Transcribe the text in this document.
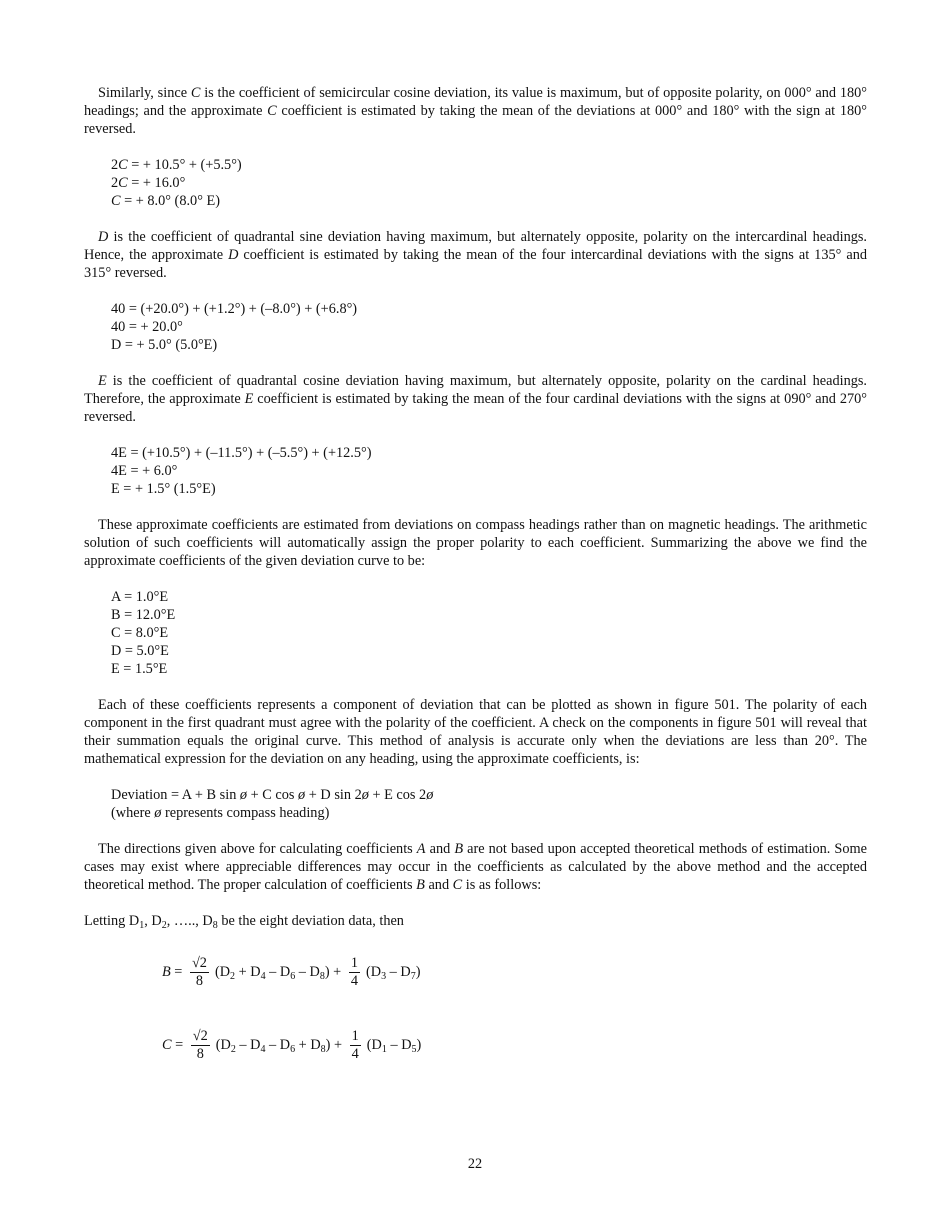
Similarly, since C is the coefficient of semicircular cosine deviation, its value is maximum, but of opposite polarity, on 000° and 180° headings; and the approximate C coefficient is estimated by taking the mean of the deviations at 000° and 180° with the sign at 180° reversed.

2C = + 10.5° + (+5.5°)
2C = + 16.0°
C = + 8.0° (8.0° E)

D is the coefficient of quadrantal sine deviation having maximum, but alternately opposite, polarity on the intercardinal headings. Hence, the approximate D coefficient is estimated by taking the mean of the four intercardinal deviations with the signs at 135° and 315° reversed.

40 = (+20.0°) + (+1.2°) + (–8.0°) + (+6.8°)
40 = + 20.0°
D = + 5.0° (5.0°E)

E is the coefficient of quadrantal cosine deviation having maximum, but alternately opposite, polarity on the cardinal headings. Therefore, the approximate E coefficient is estimated by taking the mean of the four cardinal deviations with the signs at 090° and 270° reversed.

4E = (+10.5°) + (–11.5°) + (–5.5°) + (+12.5°)
4E = + 6.0°
E = + 1.5° (1.5°E)

These approximate coefficients are estimated from deviations on compass headings rather than on magnetic headings. The arithmetic solution of such coefficients will automatically assign the proper polarity to each coefficient. Summarizing the above we find the approximate coefficients of the given deviation curve to be:

A = 1.0°E
B = 12.0°E
C = 8.0°E
D = 5.0°E
E = 1.5°E

Each of these coefficients represents a component of deviation that can be plotted as shown in figure 501. The polarity of each component in the first quadrant must agree with the polarity of the coefficient. A check on the components in figure 501 will reveal that their summation equals the original curve. This method of analysis is accurate only when the deviations are less than 20°. The mathematical expression for the deviation on any heading, using the approximate coefficients, is:

Deviation = A + B sin ø + C cos ø + D sin 2ø + E cos 2ø
(where ø represents compass heading)

The directions given above for calculating coefficients A and B are not based upon accepted theoretical methods of estimation. Some cases may exist where appreciable differences may occur in the coefficients as calculated by the above method and the accepted theoretical method. The proper calculation of coefficients B and C is as follows:

Letting $D_1$, $D_2$, ….., $D_8$ be the eight deviation data, then

$B = \frac{√2}{8} (D_2 + D_4 - D_6 - D_8) + \frac{1}{4} (D_3 - D_7)$
$C = \frac{√2}{8} (D_2 - D_4 - D_6 + D_8) + \frac{1}{4} (D_1 - D_5)$
22
